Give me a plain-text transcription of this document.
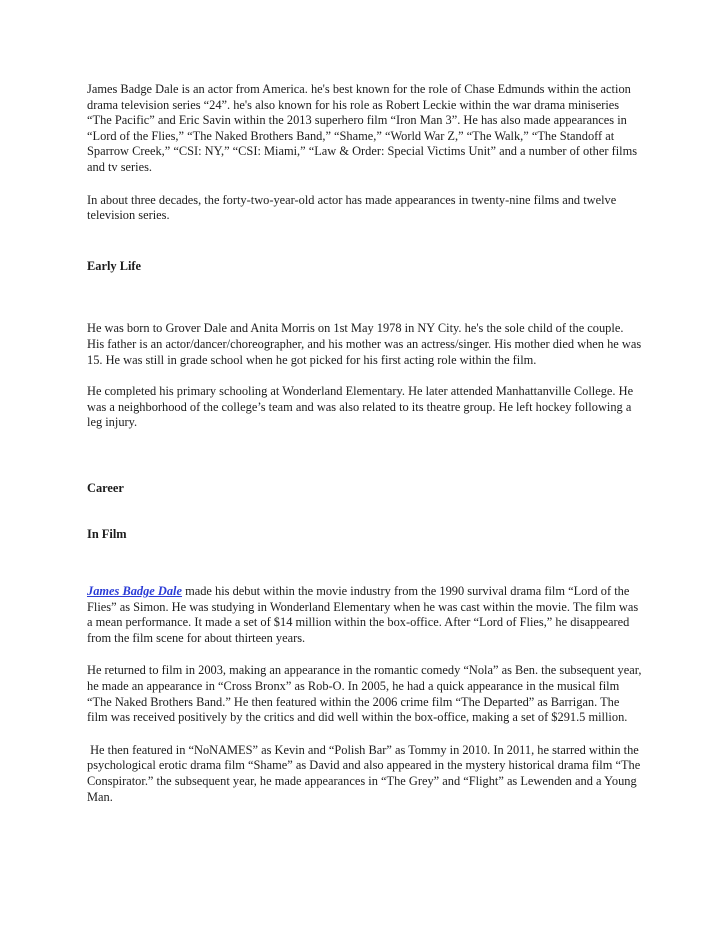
James Badge Dale is an actor from America. he's best known for the role of Chase Edmunds within the action drama television series “24”. he's also known for his role as Robert Leckie within the war drama miniseries “The Pacific” and Eric Savin within the 2013 superhero film “Iron Man 3”. He has also made appearances in “Lord of the Flies,” “The Naked Brothers Band,” “Shame,” “World War Z,” “The Walk,” “The Standoff at Sparrow Creek,” “CSI: NY,” “CSI: Miami,” “Law & Order: Special Victims Unit” and a number of other films and tv series.

In about three decades, the forty-two-year-old actor has made appearances in twenty-nine films and twelve television series.

Early Life

He was born to Grover Dale and Anita Morris on 1st May 1978 in NY City. he's the sole child of the couple. His father is an actor/dancer/choreographer, and his mother was an actress/singer. His mother died when he was 15. He was still in grade school when he got picked for his first acting role within the film.

He completed his primary schooling at Wonderland Elementary. He later attended Manhattanville College. He was a neighborhood of the college’s team and was also related to its theatre group. He left hockey following a leg injury.

Career

In Film

James Badge Dale made his debut within the movie industry from the 1990 survival drama film “Lord of the Flies” as Simon. He was studying in Wonderland Elementary when he was cast within the movie. The film was a mean performance. It made a set of $14 million within the box-office. After “Lord of Flies,” he disappeared from the film scene for about thirteen years.

He returned to film in 2003, making an appearance in the romantic comedy “Nola” as Ben. the subsequent year, he made an appearance in “Cross Bronx” as Rob-O. In 2005, he had a quick appearance in the musical film “The Naked Brothers Band.” He then featured within the 2006 crime film “The Departed” as Barrigan. The film was received positively by the critics and did well within the box-office, making a set of $291.5 million.

He then featured in “NoNAMES” as Kevin and “Polish Bar” as Tommy in 2010. In 2011, he starred within the psychological erotic drama film “Shame” as David and also appeared in the mystery historical drama film “The Conspirator.” the subsequent year, he made appearances in “The Grey” and “Flight” as Lewenden and a Young Man.
